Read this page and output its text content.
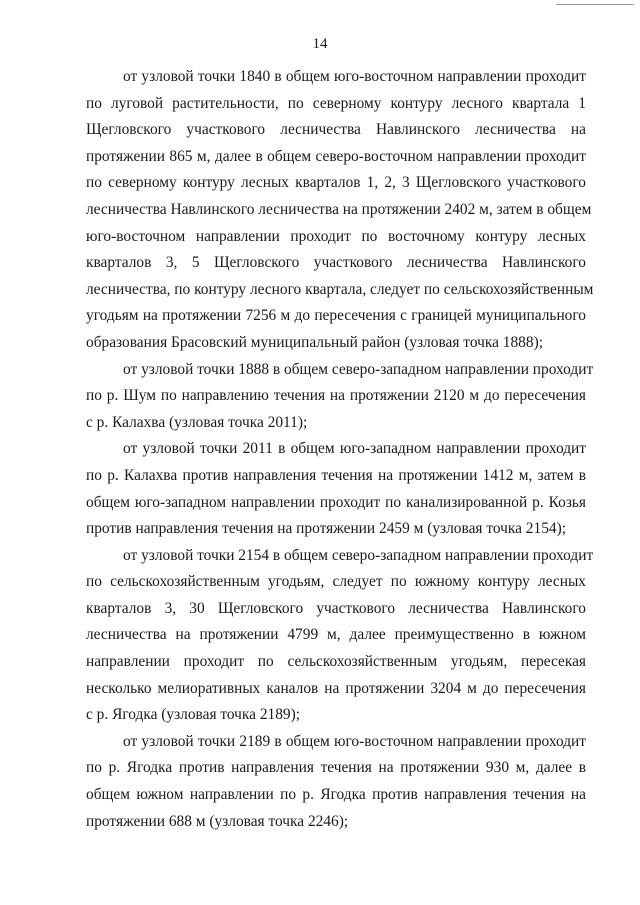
14

от узловой точки 1840 в общем юго-восточном направлении проходит
по луговой растительности, по северному контуру лесного квартала 1
Щегловского участкового лесничества Навлинского лесничества на
протяжении 865 м, далее в общем северо-восточном направлении проходит
по северному контуру лесных кварталов 1, 2, 3 Щегловского участкового
лесничества Навлинского лесничества на протяжении 2402 м, затем в общем
юго-восточном направлении проходит по восточному контуру лесных
кварталов 3, 5 Щегловского участкового лесничества Навлинского
лесничества, по контуру лесного квартала, следует по сельскохозяйственным
угодьям на протяжении 7256 м до пересечения с границей муниципального
образования Брасовский муниципальный район (узловая точка 1888);

от узловой точки 1888 в общем северо-западном направлении проходит
по р. Шум по направлению течения на протяжении 2120 м до пересечения
с р. Калахва (узловая точка 2011);

от узловой точки 2011 в общем юго-западном направлении проходит
по р. Калахва против направления течения на протяжении 1412 м, затем в
общем юго-западном направлении проходит по канализированной р. Козья
против направления течения на протяжении 2459 м (узловая точка 2154);

от узловой точки 2154 в общем северо-западном направлении проходит
по сельскохозяйственным угодьям, следует по южному контуру лесных
кварталов 3, 30 Щегловского участкового лесничества Навлинского
лесничества на протяжении 4799 м, далее преимущественно в южном
направлении проходит по сельскохозяйственным угодьям, пересекая
несколько мелиоративных каналов на протяжении 3204 м до пересечения
с р. Ягодка (узловая точка 2189);

от узловой точки 2189 в общем юго-восточном направлении проходит
по р. Ягодка против направления течения на протяжении 930 м, далее в
общем южном направлении по р. Ягодка против направления течения на
протяжении 688 м (узловая точка 2246);
